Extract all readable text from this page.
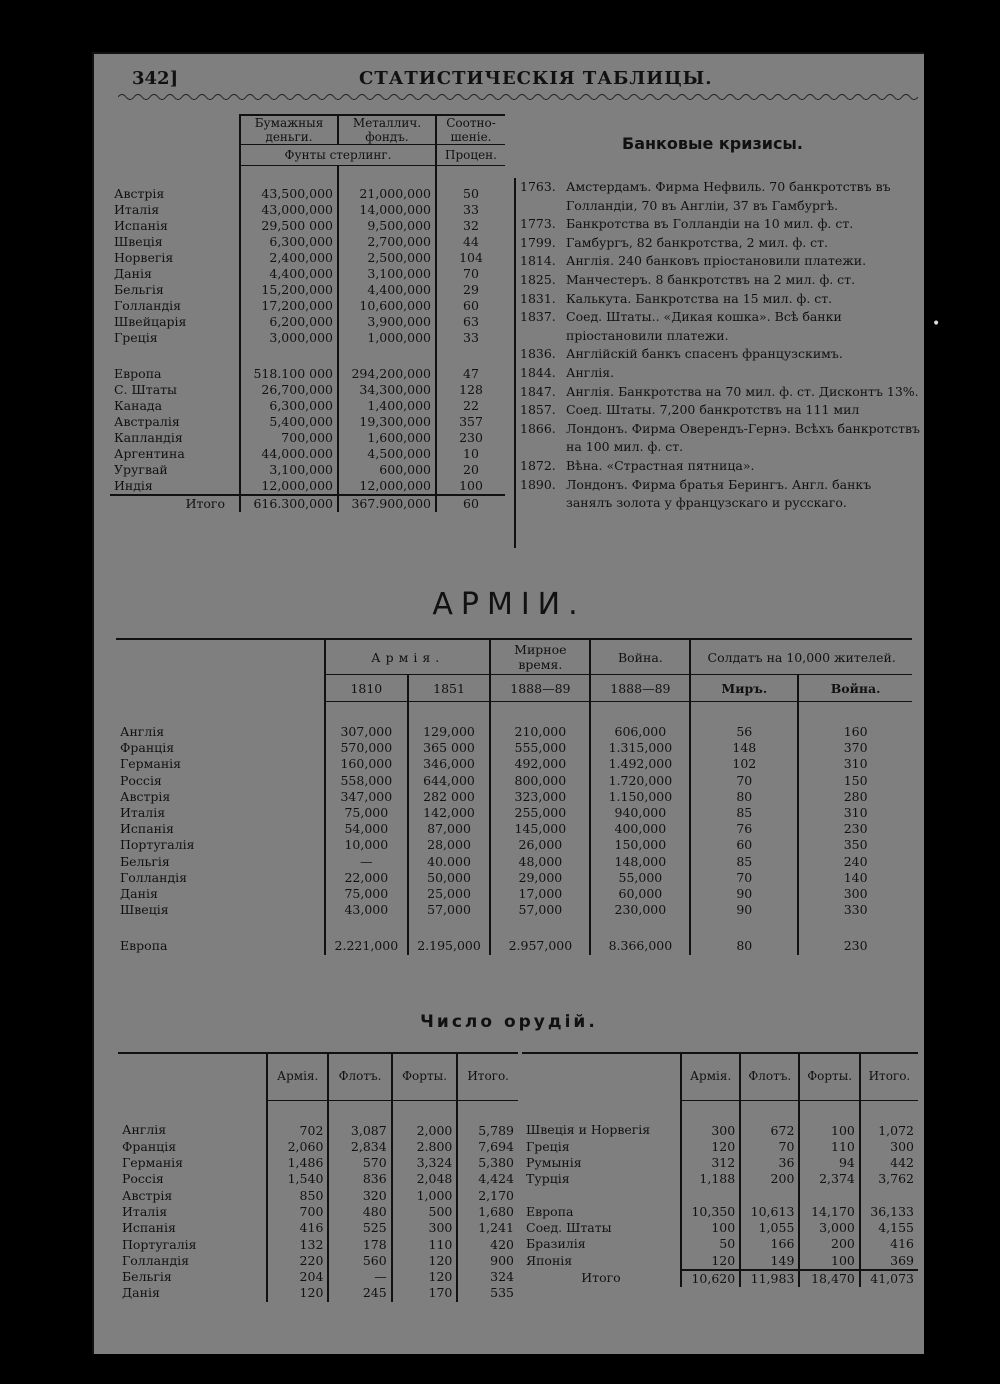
342]	СТАТИСТИЧЕСКІЯ ТАБЛИЦЫ.
	Бумажныя деньги.	Металлич. фондъ.	Соотно-шеніе.
	Фунты стерлинг.		Процен.
Австрія	43,500,000	21,000,000	50
Италія	43,000,000	14,000,000	33
Испанія	29,500 000	9,500,000	32
Швеція	6,300,000	2,700,000	44
Норвегія	2,400,000	2,500,000	104
Данія	4,400,000	3,100,000	70
Бельгія	15,200,000	4,400,000	29
Голландія	17,200,000	10,600,000	60
Швейцарія	6,200,000	3,900,000	63
Греція	3,000,000	1,000,000	33
Европа	518.100 000	294,200,000	47
С. Штаты	26,700,000	34,300,000	128
Канада	6,300,000	1,400,000	22
Австралія	5,400,000	19,300,000	357
Капландія	700,000	1,600,000	230
Аргентина	44,000.000	4,500,000	10
Уругвай	3,100,000	600,000	20
Индія	12,000,000	12,000,000	100
Итого	616.300,000	367.900,000	60
Банковые кризисы.
1763. Амстердамъ. Фирма Нефвиль. 70 банкротствъ въ Голландіи, 70 въ Англіи, 37 въ Гамбургѣ.
1773. Банкротства въ Голландіи на 10 мил. ф. ст.
1799. Гамбургъ, 82 банкротства, 2 мил. ф. ст.
1814. Англія. 240 банковъ пріостановили платежи.
1825. Манчестеръ. 8 банкротствъ на 2 мил. ф. ст.
1831. Калькута. Банкротства на 15 мил. ф. ст.
1837. Соед. Штаты.. «Дикая кошка». Всѣ банки пріостановили платежи.
1836. Англійскій банкъ спасенъ французскимъ.
1844. Англія.
1847. Англія. Банкротства на 70 мил. ф. ст. Дисконтъ 13%.
1857. Соед. Штаты. 7,200 банкротствъ на 111 мил
1866. Лондонъ. Фирма Оверендъ-Гернэ. Всѣхъ банкротствъ на 100 мил. ф. ст.
1872. Вѣна. «Страстная пятница».
1890. Лондонъ. Фирма братья Берингъ. Англ. банкъ занялъ золота у французскаго и русскаго.
•
АРМІИ.
	Армія.		Мирное время.	Война.	Солдатъ на 10,000 жителей.	
	1810	1851	1888—89	1888—89	Миръ.	Война.
Англія	307,000	129,000	210,000	606,000	56	160
Франція	570,000	365 000	555,000	1.315,000	148	370
Германія	160,000	346,000	492,000	1.492,000	102	310
Россія	558,000	644,000	800,000	1.720,000	70	150
Австрія	347,000	282 000	323,000	1.150,000	80	280
Италія	75,000	142,000	255,000	940,000	85	310
Испанія	54,000	87,000	145,000	400,000	76	230
Португалія	10,000	28,000	26,000	150,000	60	350
Бельгія	—	40.000	48,000	148,000	85	240
Голландія	22,000	50,000	29,000	55,000	70	140
Данія	75,000	25,000	17,000	60,000	90	300
Швеція	43,000	57,000	57,000	230,000	90	330
Европа	2.221,000	2.195,000	2.957,000	8.366,000	80	230
Число орудій.
	Армія.	Флотъ.	Форты.	Итого.
Англія	702	3,087	2,000	5,789
Франція	2,060	2,834	2.800	7,694
Германія	1,486	570	3,324	5,380
Россія	1,540	836	2,048	4,424
Австрія	850	320	1,000	2,170
Италія	700	480	500	1,680
Испанія	416	525	300	1,241
Португалія	132	178	110	420
Голландія	220	560	120	900
Бельгія	204	—	120	324
Данія	120	245	170	535
	Армія.	Флотъ.	Форты.	Итого.
Швеція и Норвегія	300	672	100	1,072
Греція	120	70	110	300
Румынія	312	36	94	442
Турція	1,188	200	2,374	3,762
Европа	10,350	10,613	14,170	36,133
Соед. Штаты	100	1,055	3,000	4,155
Бразилія	50	166	200	416
Японія	120	149	100	369
Итого	10,620	11,983	18,470	41,073
